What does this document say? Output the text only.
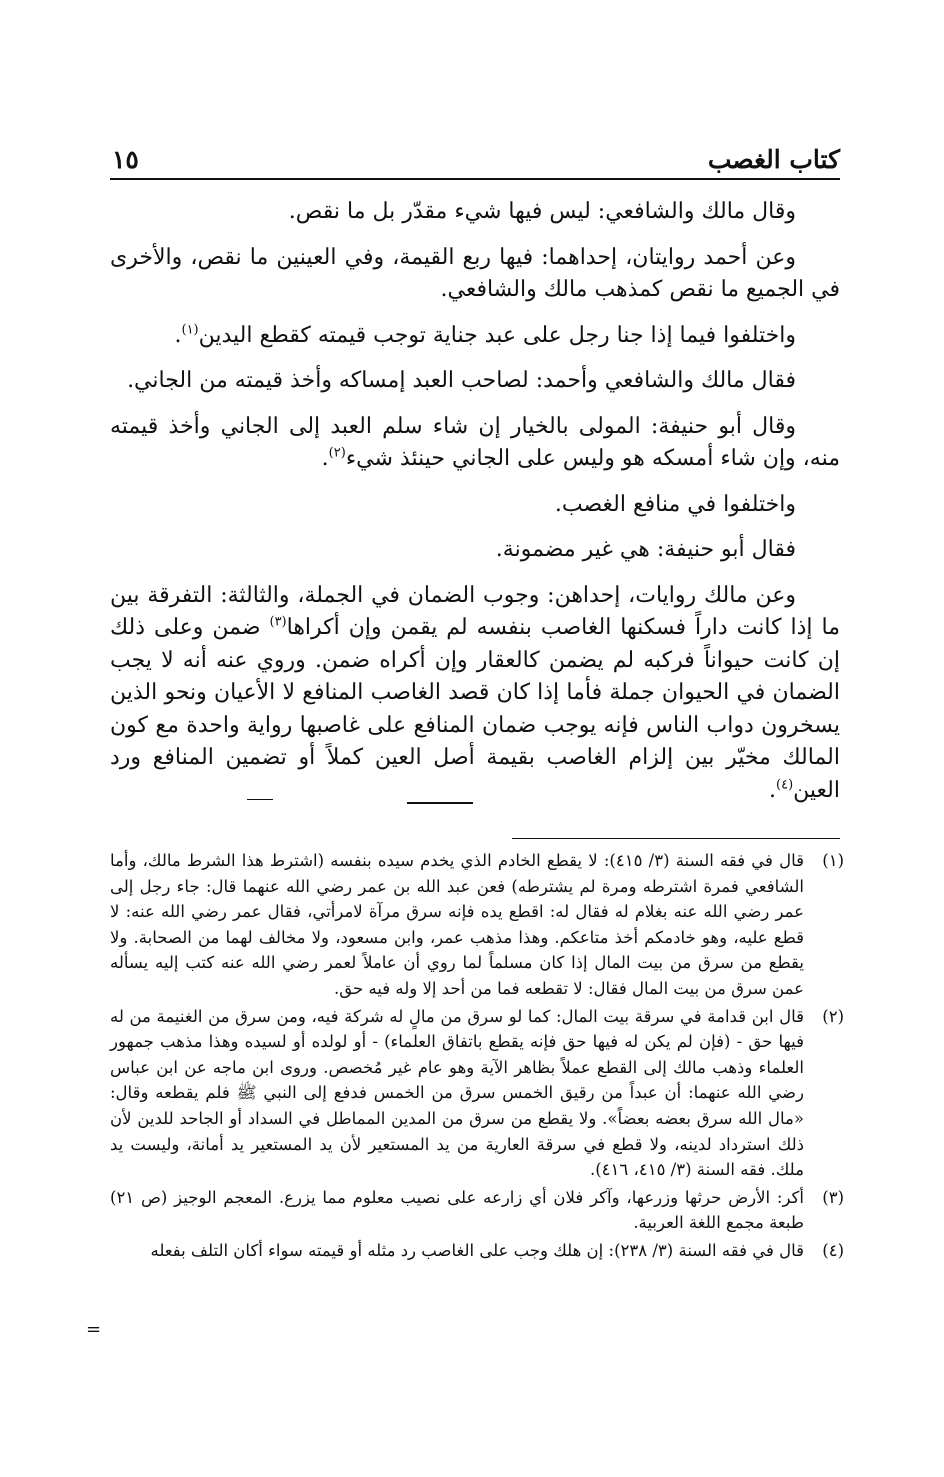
كتاب الغصب
١٥

وقال مالك والشافعي: ليس فيها شيء مقدّر بل ما نقص.

وعن أحمد روايتان، إحداهما: فيها ربع القيمة، وفي العينين ما نقص، والأخرى في الجميع ما نقص كمذهب مالك والشافعي.

واختلفوا فيما إذا جنا رجل على عبد جناية توجب قيمته كقطع اليدين$^{(١)}$.

فقال مالك والشافعي وأحمد: لصاحب العبد إمساكه وأخذ قيمته من الجاني.

وقال أبو حنيفة: المولى بالخيار إن شاء سلم العبد إلى الجاني وأخذ قيمته منه، وإن شاء أمسكه هو وليس على الجاني حينئذ شيء$^{(٢)}$.

واختلفوا في منافع الغصب.

فقال أبو حنيفة: هي غير مضمونة.

وعن مالك روايات، إحداهن: وجوب الضمان في الجملة، والثالثة: التفرقة بين ما إذا كانت داراً فسكنها الغاصب بنفسه لم يقمن وإن أكراها$^{(٣)}$ ضمن وعلى ذلك إن كانت حيواناً فركبه لم يضمن كالعقار وإن أكراه ضمن. وروي عنه أنه لا يجب الضمان في الحيوان جملة فأما إذا كان قصد الغاصب المنافع لا الأعيان ونحو الذين يسخرون دواب الناس فإنه يوجب ضمان المنافع على غاصبها رواية واحدة مع كون المالك مخيّر بين إلزام الغاصب بقيمة أصل العين كملاً أو تضمين المنافع ورد العين$^{(٤)}$.

(١)
قال في فقه السنة (٣/ ٤١٥): لا يقطع الخادم الذي يخدم سيده بنفسه (اشترط هذا الشرط مالك، وأما الشافعي فمرة اشترطه ومرة لم يشترطه) فعن عبد الله بن عمر رضي الله عنهما قال: جاء رجل إلى عمر رضي الله عنه بغلام له فقال له: اقطع يده فإنه سرق مرآة لامرأتي، فقال عمر رضي الله عنه: لا قطع عليه، وهو خادمكم أخذ متاعكم. وهذا مذهب عمر، وابن مسعود، ولا مخالف لهما من الصحابة. ولا يقطع من سرق من بيت المال إذا كان مسلماً لما روي أن عاملاً لعمر رضي الله عنه كتب إليه يسأله عمن سرق من بيت المال فقال: لا تقطعه فما من أحد إلا وله فيه حق.
(٢)
قال ابن قدامة في سرقة بيت المال: كما لو سرق من مالٍ له شركة فيه، ومن سرق من الغنيمة من له فيها حق - (فإن لم يكن له فيها حق فإنه يقطع باتفاق العلماء) - أو لولده أو لسيده وهذا مذهب جمهور العلماء وذهب مالك إلى القطع عملاً بظاهر الآية وهو عام غير مُخصص. وروى ابن ماجه عن ابن عباس رضي الله عنهما: أن عبداً من رقيق الخمس سرق من الخمس فدفع إلى النبي ﷺ فلم يقطعه وقال: «مال الله سرق بعضه بعضاً». ولا يقطع من سرق من المدين المماطل في السداد أو الجاحد للدين لأن ذلك استرداد لدينه، ولا قطع في سرقة العارية من يد المستعير لأن يد المستعير يد أمانة، وليست يد ملك. فقه السنة (٣/ ٤١٥، ٤١٦).
(٣)
أكر: الأرض حرثها وزرعها، وآكر فلان أي زارعه على نصيب معلوم مما يزرع. المعجم الوجيز (ص ٢١) طبعة مجمع اللغة العربية.
(٤)
قال في فقه السنة (٣/ ٢٣٨): إن هلك وجب على الغاصب رد مثله أو قيمته سواء أكان التلف بفعله
=
